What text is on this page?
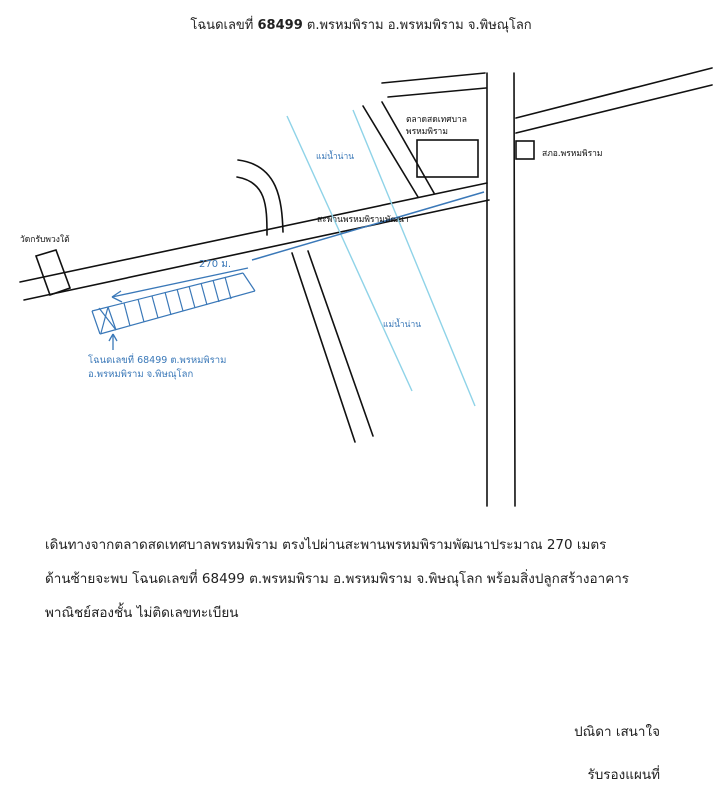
โฉนดเลขที่ 68499 ต.พรหมพิราม อ.พรหมพิราม จ.พิษณุโลก
ตลาดสดเทศบาล
พรหมพิราม
สภอ.พรหมพิราม
วัดกรับพวงใต้
แม่น้ำน่าน
แม่น้ำน่าน
สะพานพรหมพิรามพัฒนา
270 ม.
โฉนดเลขที่ 68499 ต.พรหมพิราม
อ.พรหมพิราม จ.พิษณุโลก
เดินทางจากตลาดสดเทศบาลพรหมพิราม ตรงไปผ่านสะพานพรหมพิรามพัฒนาประมาณ 270 เมตร
ด้านซ้ายจะพบ โฉนดเลขที่ 68499 ต.พรหมพิราม อ.พรหมพิราม จ.พิษณุโลก พร้อมสิ่งปลูกสร้างอาคาร
พาณิชย์สองชั้น ไม่ติดเลขทะเบียน
ปณิดา เสนาใจ
รับรองแผนที่
